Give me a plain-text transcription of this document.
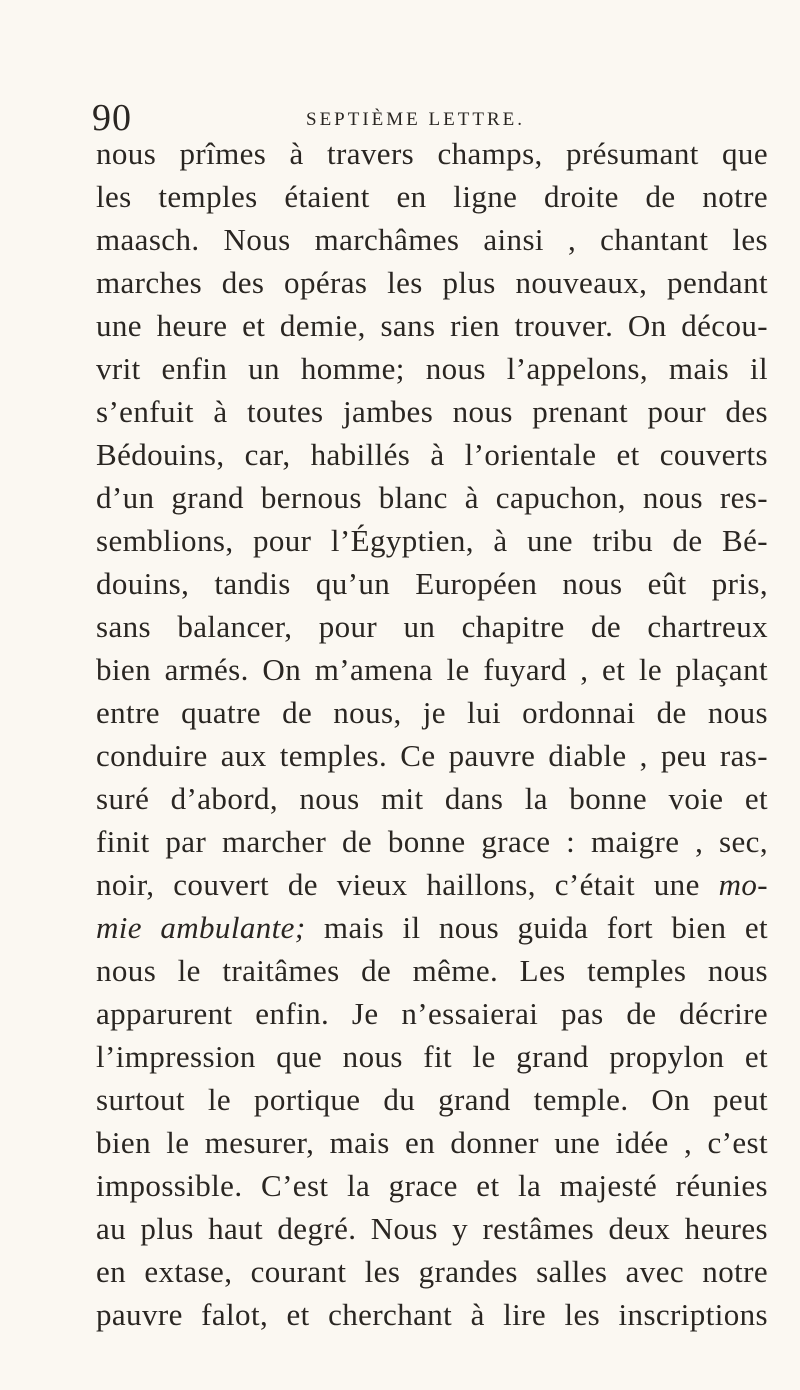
90	SEPTIÈME LETTRE.
nous prîmes à travers champs, présumant que
les temples étaient en ligne droite de notre
maasch. Nous marchâmes ainsi , chantant les
marches des opéras les plus nouveaux, pendant
une heure et demie, sans rien trouver. On décou-
vrit enfin un homme; nous l’appelons, mais il
s’enfuit à toutes jambes nous prenant pour des
Bédouins, car, habillés à l’orientale et couverts
d’un grand bernous blanc à capuchon, nous res-
semblions, pour l’Égyptien, à une tribu de Bé-
douins, tandis qu’un Européen nous eût pris,
sans balancer, pour un chapitre de chartreux
bien armés. On m’amena le fuyard , et le plaçant
entre quatre de nous, je lui ordonnai de nous
conduire aux temples. Ce pauvre diable , peu ras-
suré d’abord, nous mit dans la bonne voie et
finit par marcher de bonne grace : maigre , sec,
noir, couvert de vieux haillons, c’était une mo-
mie ambulante; mais il nous guida fort bien et
nous le traitâmes de même. Les temples nous
apparurent enfin. Je n’essaierai pas de décrire
l’impression que nous fit le grand propylon et
surtout le portique du grand temple. On peut
bien le mesurer, mais en donner une idée , c’est
impossible. C’est la grace et la majesté réunies
au plus haut degré. Nous y restâmes deux heures
en extase, courant les grandes salles avec notre
pauvre falot, et cherchant à lire les inscriptions
